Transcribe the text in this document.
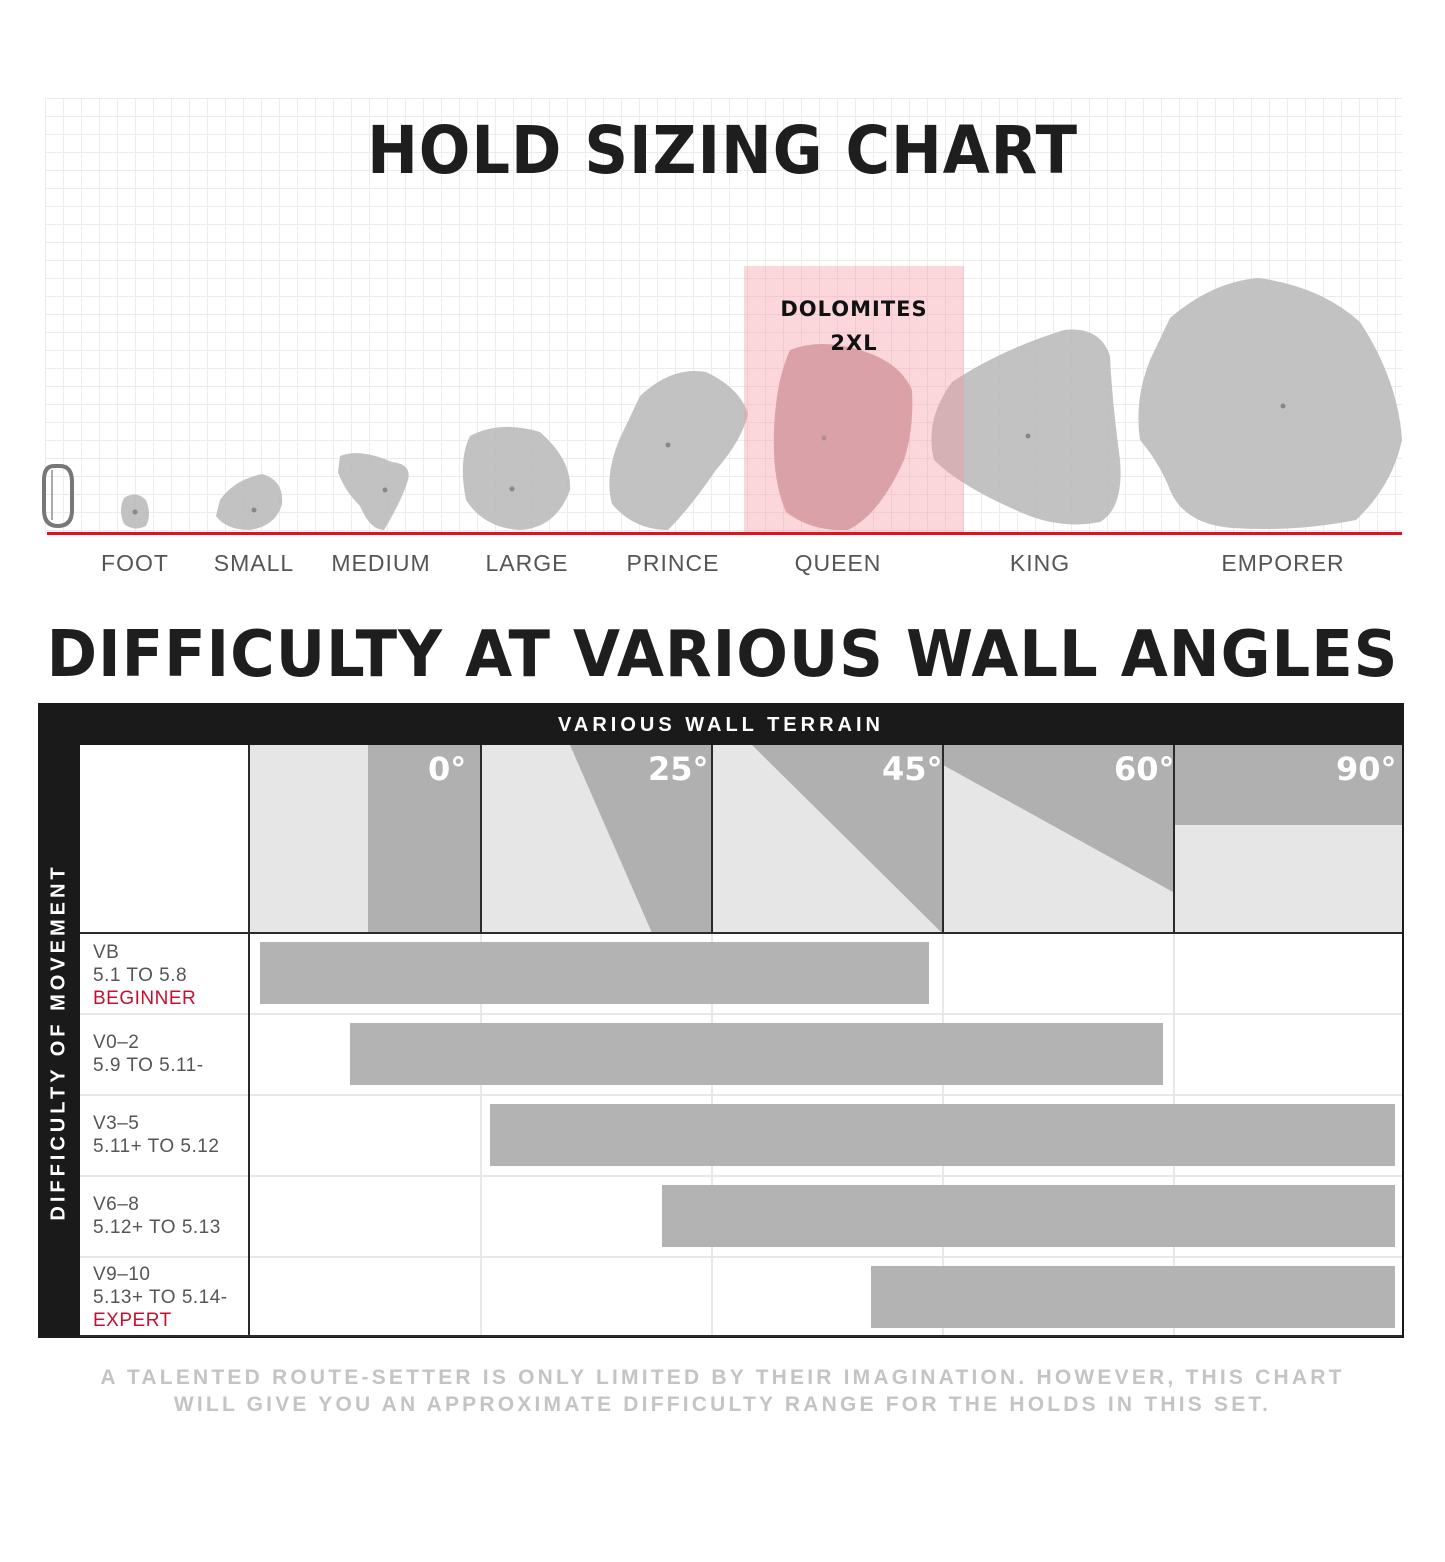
HOLD SIZING CHART
DOLOMITES
2XL
FOOT SMALL MEDIUM LARGE	PRINCE	QUEEN	KING	EMPORER
DIFFICULTY AT VARIOUS WALL ANGLES
VARIOUS WALL TERRAIN
DIFFICULTY OF MOVEMENT
0°	25°	45°	60°	90°
VB
5.1 TO 5.8
BEGINNER
V0–2
5.9 TO 5.11-
V3–5
5.11+ TO 5.12
V6–8
5.12+ TO 5.13
V9–10
5.13+ TO 5.14-
EXPERT
A TALENTED ROUTE-SETTER IS ONLY LIMITED BY THEIR IMAGINATION. HOWEVER, THIS CHART
WILL GIVE YOU AN APPROXIMATE DIFFICULTY RANGE FOR THE HOLDS IN THIS SET.
